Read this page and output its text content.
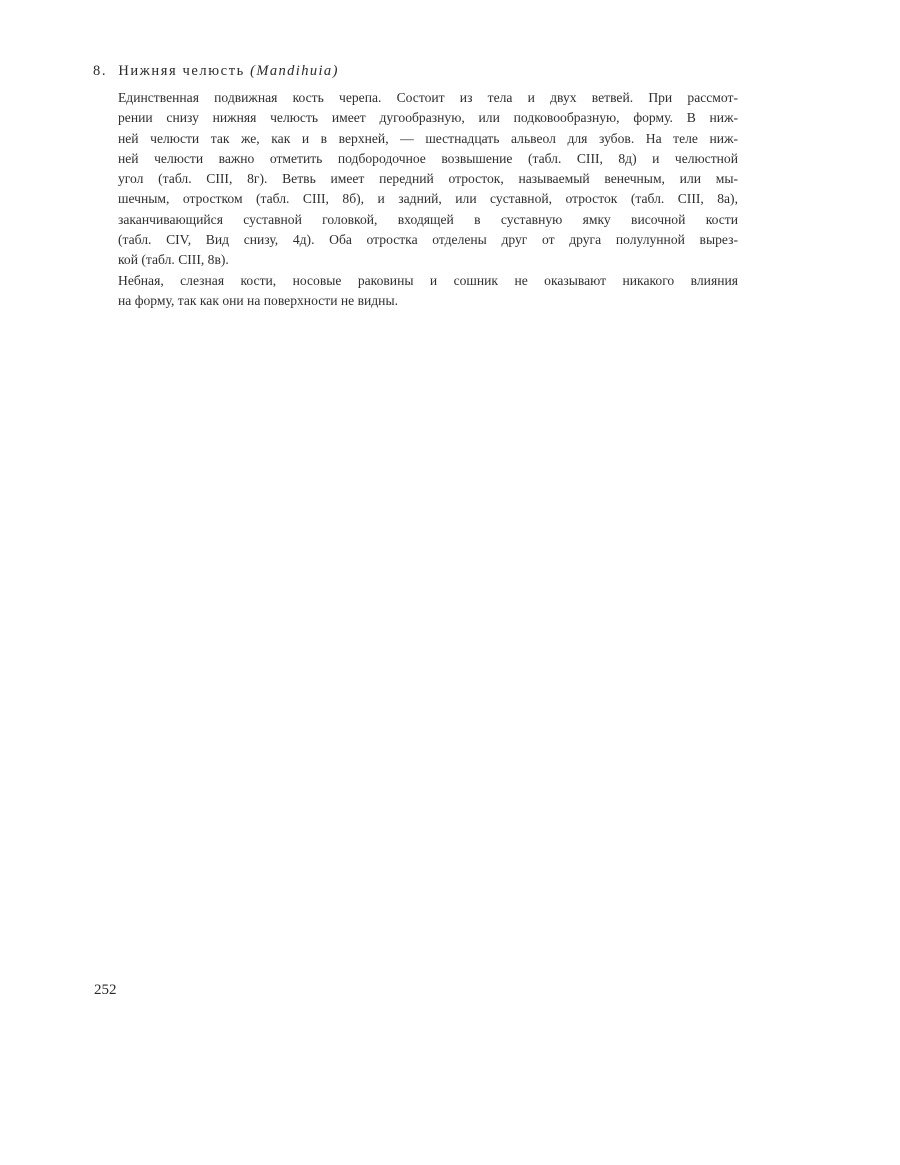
8. Нижняя челюсть (Mandihuia)
Единственная подвижная кость черепа. Состоит из тела и двух ветвей. При рассмот-
рении снизу нижняя челюсть имеет дугообразную, или подковообразную, форму. В ниж-
ней челюсти так же, как и в верхней, — шестнадцать альвеол для зубов. На теле ниж-
ней челюсти важно отметить подбородочное возвышение (табл. CIII, 8д) и челюстной
угол (табл. CIII, 8г). Ветвь имеет передний отросток, называемый венечным, или мы-
шечным, отростком (табл. CIII, 8б), и задний, или суставной, отросток (табл. CIII, 8а),
заканчивающийся суставной головкой, входящей в суставную ямку височной кости
(табл. CIV, Вид снизу, 4д). Оба отростка отделены друг от друга полулунной вырез-
кой (табл. CIII, 8в).
Небная, слезная кости, носовые раковины и сошник не оказывают никакого влияния
на форму, так как они на поверхности не видны.
252
